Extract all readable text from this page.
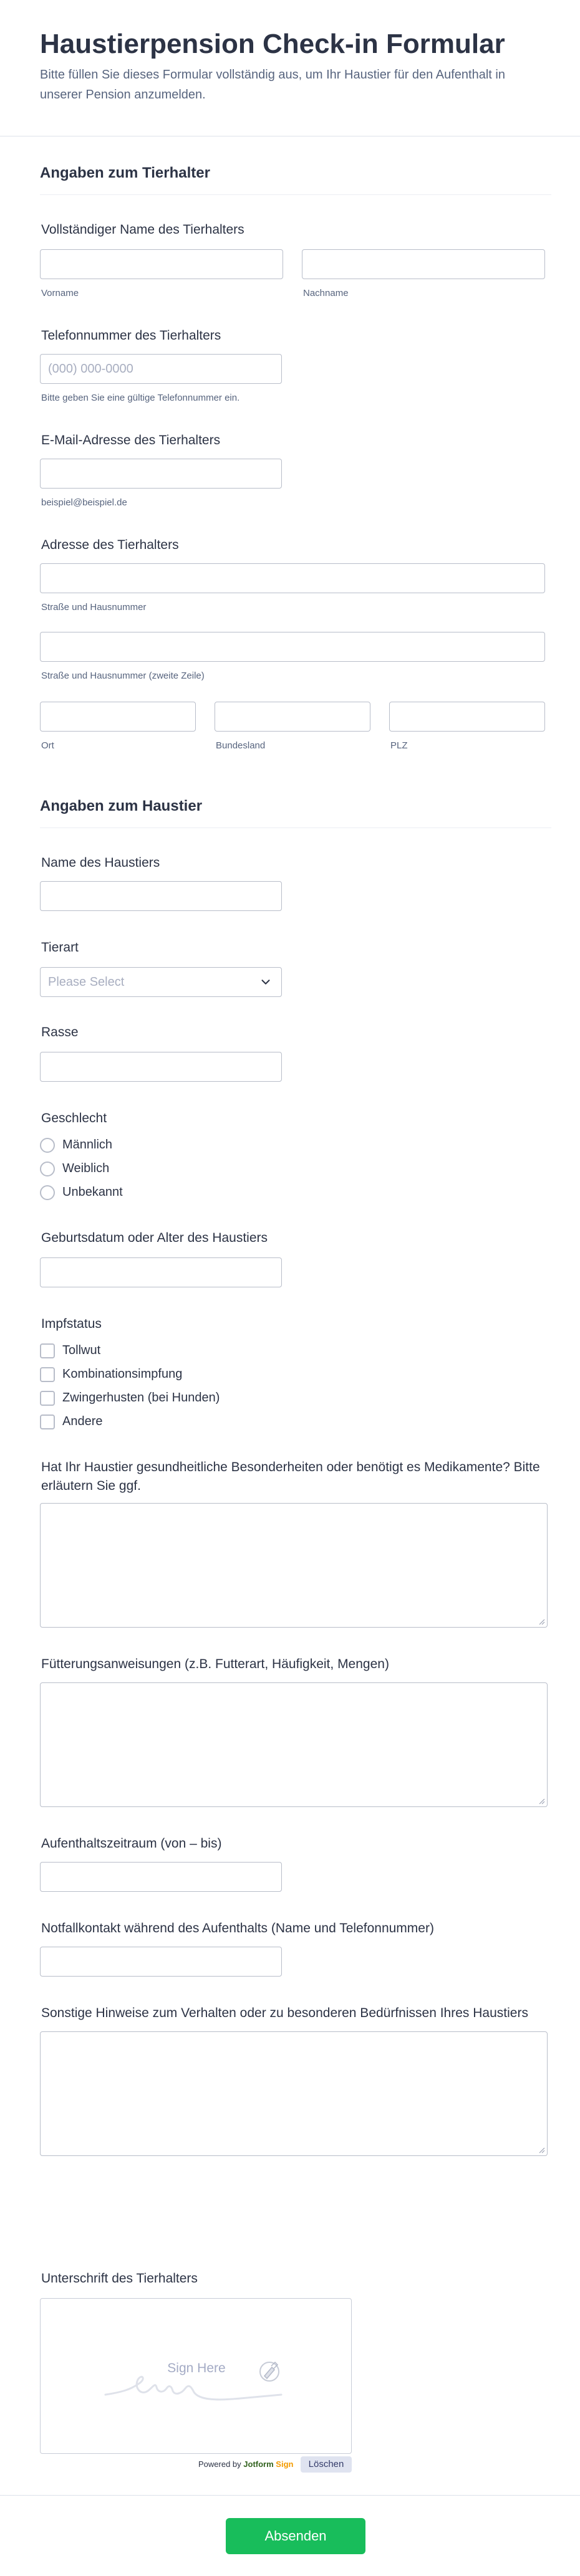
Haustierpension Check-in Formular
Bitte füllen Sie dieses Formular vollständig aus, um Ihr Haustier für den Aufenthalt in unserer Pension anzumelden.
Angaben zum Tierhalter
Vollständiger Name des Tierhalters
Vorname	Nachname
Telefonnummer des Tierhalters
(000) 000-0000
Bitte geben Sie eine gültige Telefonnummer ein.
E-Mail-Adresse des Tierhalters
beispiel@beispiel.de
Adresse des Tierhalters
Straße und Hausnummer
Straße und Hausnummer (zweite Zeile)
Ort	Bundesland	PLZ
Angaben zum Haustier
Name des Haustiers
Tierart
Please Select
Rasse
Geschlecht
Männlich
Weiblich
Unbekannt
Geburtsdatum oder Alter des Haustiers
Impfstatus
Tollwut
Kombinationsimpfung
Zwingerhusten (bei Hunden)
Andere
Hat Ihr Haustier gesundheitliche Besonderheiten oder benötigt es Medikamente? Bitte erläutern Sie ggf.
Fütterungsanweisungen (z.B. Futterart, Häufigkeit, Mengen)
Aufenthaltszeitraum (von – bis)
Notfallkontakt während des Aufenthalts (Name und Telefonnummer)
Sonstige Hinweise zum Verhalten oder zu besonderen Bedürfnissen Ihres Haustiers
Unterschrift des Tierhalters
Sign Here
Powered by Jotform Sign	Löschen
Absenden
